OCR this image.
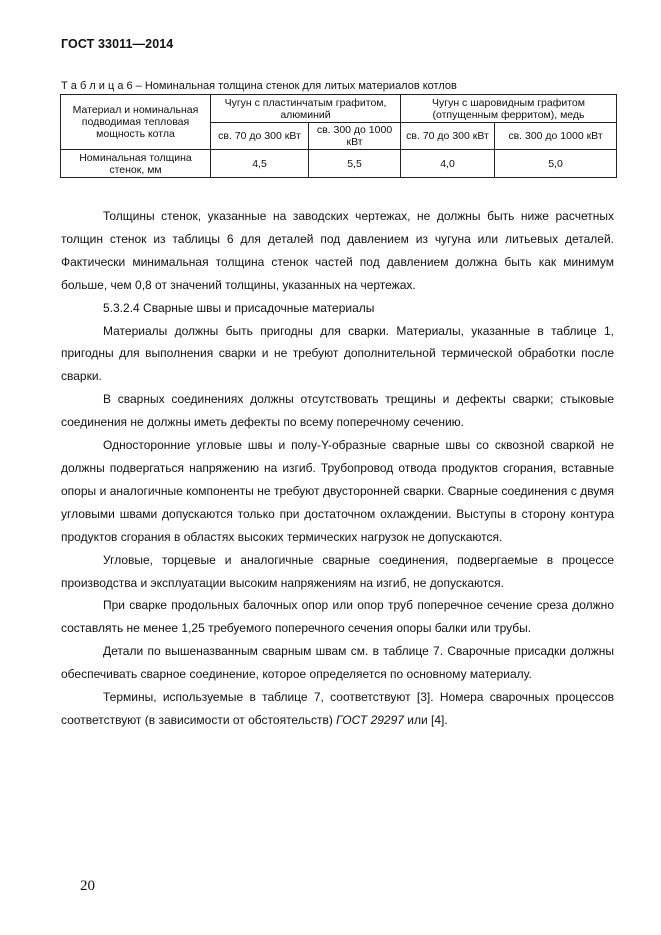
ГОСТ 33011—2014
Т а б л и ц а 6 – Номинальная толщина стенок для литых материалов котлов
Материал и номинальная подводимая тепловая мощность котла	Чугун с пластинчатым графитом, алюминий		Чугун с шаровидным графитом (отпущенным ферритом), медь	
	св. 70 до 300 кВт	св. 300 до 1000 кВт	св. 70 до 300 кВт	св. 300 до 1000 кВт
Номинальная толщина стенок, мм	4,5	5,5	4,0	5,0

Толщины стенок, указанные на заводских чертежах, не должны быть ниже расчетных толщин стенок из таблицы 6 для деталей под давлением из чугуна или литьевых деталей. Фактически минимальная толщина стенок частей под давлением должна быть как минимум больше, чем 0,8 от значений толщины, указанных на чертежах.

5.3.2.4 Сварные швы и присадочные материалы

Материалы должны быть пригодны для сварки. Материалы, указанные в таблице 1, пригодны для выполнения сварки и не требуют дополнительной термической обработки после сварки.

В сварных соединениях должны отсутствовать трещины и дефекты сварки; стыковые соединения не должны иметь дефекты по всему поперечному сечению.

Односторонние угловые швы и полу-Y-образные сварные швы со сквозной сваркой не должны подвергаться напряжению на изгиб. Трубопровод отвода продуктов сгорания, вставные опоры и аналогичные компоненты не требуют двусторонней сварки. Сварные соединения с двумя угловыми швами допускаются только при достаточном охлаждении. Выступы в сторону контура продуктов сгорания в областях высоких термических нагрузок не допускаются.

Угловые, торцевые и аналогичные сварные соединения, подвергаемые в процессе производства и эксплуатации высоким напряжениям на изгиб, не допускаются.

При сварке продольных балочных опор или опор труб поперечное сечение среза должно составлять не менее 1,25 требуемого поперечного сечения опоры балки или трубы.

Детали по вышеназванным сварным швам см. в таблице 7. Сварочные присадки должны обеспечивать сварное соединение, которое определяется по основному материалу.

Термины, используемые в таблице 7, соответствуют [3]. Номера сварочных процессов соответствуют (в зависимости от обстоятельств) ГОСТ 29297 или [4].

20
